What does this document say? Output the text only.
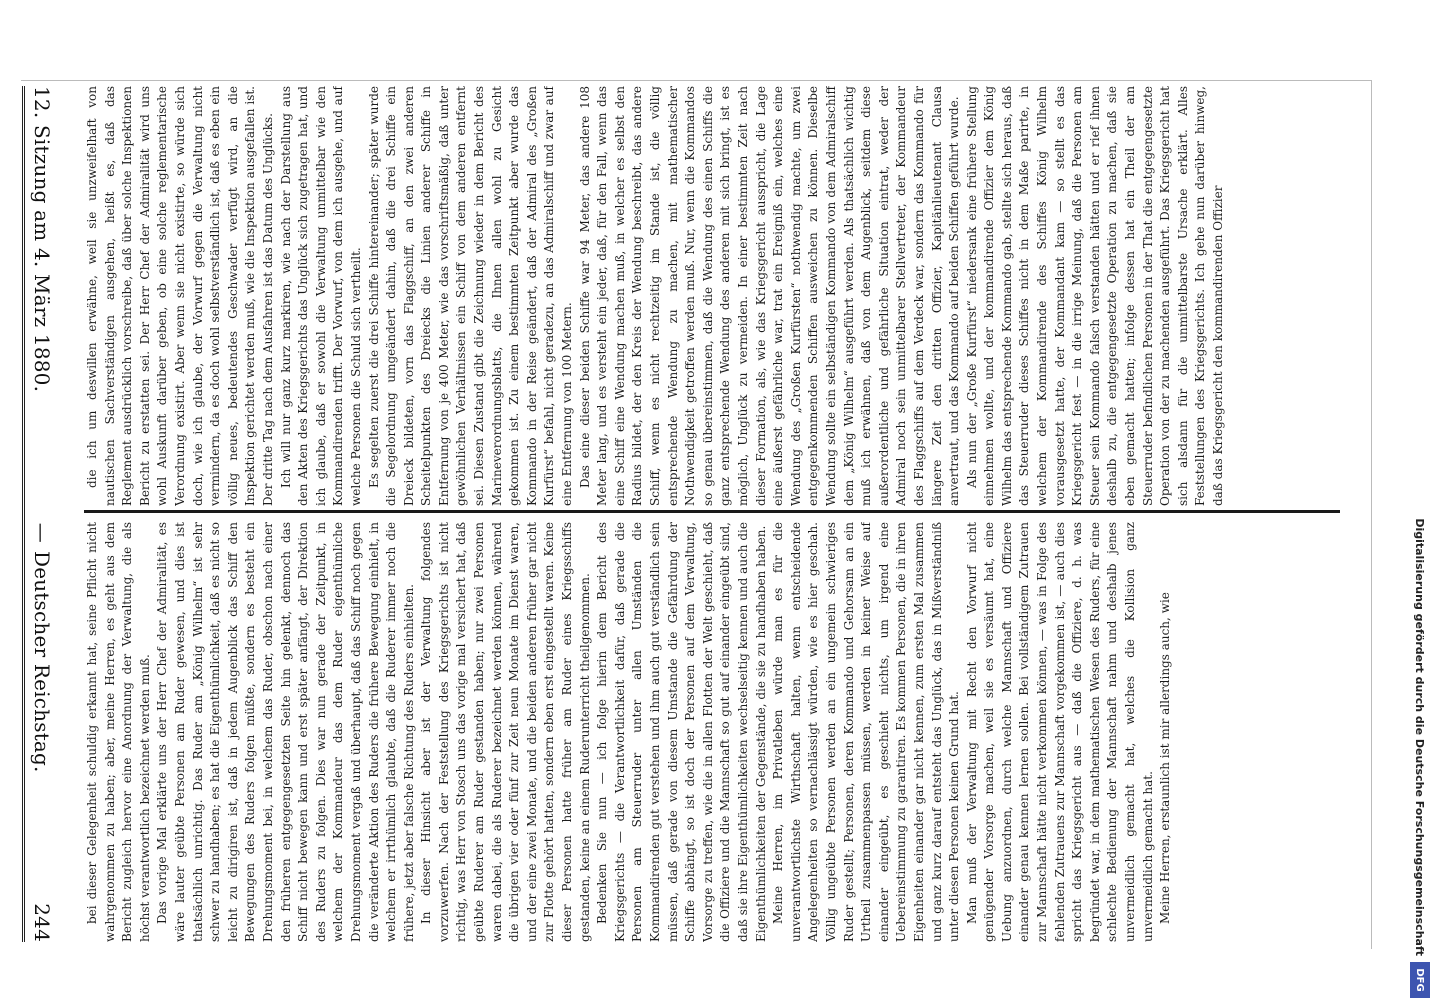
Digitalisierung gefördert durch die Deutsche Forschungsgemeinschaft
DFG

die ich um deswillen erwähne, weil sie unzweifelhaft von nautischen Sachverständigen ausgehen, heißt es, daß das Reglement ausdrücklich vorschreibe, daß über solche Inspektionen Bericht zu erstatten sei. Der Herr Chef der Admiralität wird uns wohl Auskunft darüber geben, ob eine solche reglementarische Verordnung existirt. Aber wenn sie nicht existirte, so würde sich doch, wie ich glaube, der Vorwurf gegen die Verwaltung nicht vermindern, da es doch wohl selbstverständlich ist, daß es eben ein völlig neues, bedeutendes Geschwader verfügt wird, an die Inspektion gerichtet werden muß, wie die Inspektion ausgefallen ist. Der dritte Tag nach dem Ausfahren ist das Datum des Unglücks. Ich will nur ganz kurz markiren, wie nach der Darstellung aus den Akten des Kriegsgerichts das Unglück sich zugetragen hat, und ich glaube, daß er sowohl die Verwaltung unmittelbar wie den Kommandirenden trifft. Der Vorwurf, von dem ich ausgehe, und auf welche Personen die Schuld sich vertheilt. Es segelten zuerst die drei Schiffe hintereinander; später wurde die Segelordnung umgeändert dahin, daß die drei Schiffe ein Dreieck bildeten, vorn das Flaggschiff, an den zwei anderen Scheitelpunkten des Dreiecks die Linien anderer Schiffe in Entfernung von je 400 Meter, wie das vorschriftsmäßig, daß unter gewöhnlichen Verhältnissen ein Schiff von dem anderen entfernt sei. Diesen Zustand gibt die Zeichnung wieder in dem Bericht des Marineverordnungsblatts, die Ihnen allen wohl zu Gesicht gekommen ist. Zu einem bestimmten Zeitpunkt aber wurde das Kommando in der Reise geändert, daß der Admiral des „Großen Kurfürst“ befahl, nicht geradezu, an das Admiralschiff und zwar auf eine Entfernung von 100 Metern. Das eine dieser beiden Schiffe war 94 Meter, das andere 108 Meter lang, und es versteht ein jeder, daß, für den Fall, wenn das eine Schiff eine Wendung machen muß, in welcher es selbst den Radius bildet, der den Kreis der Wendung beschreibt, das andere Schiff, wenn es nicht rechtzeitig im Stande ist, die völlig entsprechende Wendung zu machen, mit mathematischer Nothwendigkeit getroffen werden muß. Nur, wenn die Kommandos so genau übereinstimmen, daß die Wendung des einen Schiffs die ganz entsprechende Wendung des anderen mit sich bringt, ist es möglich, Unglück zu vermeiden. In einer bestimmten Zeit nach dieser Formation, als, wie das Kriegsgericht ausspricht, die Lage eine äußerst gefährliche war, trat ein Ereigniß ein, welches eine Wendung des „Großen Kurfürsten“ nothwendig machte, um zwei entgegenkommenden Schiffen ausweichen zu können. Dieselbe Wendung sollte ein selbständigen Kommando von dem Admiralschiff dem „König Wilhelm“ ausgeführt werden. Als thatsächlich wichtig muß ich erwähnen, daß von dem Augenblick, seitdem diese außerordentliche und gefährliche Situation eintrat, weder der Admiral noch sein unmittelbarer Stellvertreter, der Kommandeur des Flaggschiffs auf dem Verdeck war, sondern das Kommando für längere Zeit den dritten Offizier, Kapitänlieutenant Clausa anvertraut, und das Kommando auf beiden Schiffen geführt wurde. Als nun der „Große Kurfürst“ niedersank eine frühere Stellung einnehmen wollte, und der kommandirende Offizier dem König Wilhelm das entsprechende Kommando gab, stellte sich heraus, daß das Steuerruder dieses Schiffes nicht in dem Maße parirte, in welchem der Kommandirende des Schiffes König Wilhelm vorausgesetzt hatte, der Kommandant kam — so stellt es das Kriegsgericht fest — in die irrige Meinung, daß die Personen am Steuer sein Kommando falsch verstanden hätten und er rief ihnen deshalb zu, die entgegengesetzte Operation zu machen, daß sie eben gemacht hatten; infolge dessen hat ein Theil der am Steuerruder befindlichen Personen in der That die entgegengesetzte Operation von der zu machenden ausgeführt. Das Kriegsgericht hat sich alsdann für die unmittelbarste Ursache erklärt. Alles Feststellungen des Kriegsgerichts. Ich gehe nun darüber hinweg, daß das Kriegsgericht den kommandirenden Offizier

bei dieser Gelegenheit schuldig erkannt hat, seine Pflicht nicht wahrgenommen zu haben; aber, meine Herren, es geht aus dem Bericht zugleich hervor eine Anordnung der Verwaltung, die als höchst verantwortlich bezeichnet werden muß. Das vorige Mal erklärte uns der Herr Chef der Admiralität, es wäre lauter geübte Personen am Ruder gewesen, und dies ist thatsächlich unrichtig. Das Ruder am „König Wilhelm“ ist sehr schwer zu handhaben; es hat die Eigenthümlichkeit, daß es nicht so leicht zu dirigiren ist, daß in jedem Augenblick das Schiff den Bewegungen des Ruders folgen müßte, sondern es besteht ein Drehungsmoment bei, in welchem das Ruder, obschon nach einer den früheren entgegengesetzten Seite hin gelenkt, dennoch das Schiff nicht bewegen kann und erst später anfängt, der Direktion des Ruders zu folgen. Dies war nun gerade der Zeitpunkt, in welchem der Kommandeur das dem Ruder eigenthümliche Drehungsmoment vergaß und überhaupt, daß das Schiff noch gegen die veränderte Aktion des Ruders die frühere Bewegung einhielt, in welchem er irrthümlich glaubte, daß die Ruderer immer noch die frühere, jetzt aber falsche Richtung des Ruders einhielten. In dieser Hinsicht aber ist der Verwaltung folgendes vorzuwerfen. Nach der Feststellung des Kriegsgerichts ist nicht richtig, was Herr von Stosch uns das vorige mal versichert hat, daß geübte Ruderer am Ruder gestanden haben; nur zwei Personen waren dabei, die als Ruderer bezeichnet werden können, während die übrigen vier oder fünf zur Zeit neun Monate im Dienst waren, und der eine zwei Monate, und die beiden anderen früher gar nicht zur Flotte gehört hatten, sondern eben erst eingestellt waren. Keine dieser Personen hatte früher am Ruder eines Kriegsschiffs gestanden, keine an einem Ruderunterricht theilgenommen. Bedenken Sie nun — ich folge hierin dem Bericht des Kriegsgerichts — die Verantwortlichkeit dafür, daß gerade die Personen am Steuerruder unter allen Umständen die Kommandirenden gut verstehen und ihm auch gut verständlich sein müssen, daß gerade von diesem Umstande die Gefährdung der Schiffe abhängt, so ist doch der Personen auf dem Verwaltung, Vorsorge zu treffen, wie die in allen Flotten der Welt geschieht, daß die Offiziere und die Mannschaft so gut auf einander eingeübt sind, daß sie ihre Eigenthümlichkeiten wechselseitig kennen und auch die Eigenthümlichkeiten der Gegenstände, die sie zu handhaben haben. Meine Herren, im Privatleben würde man es für die unverantwortlichste Wirthschaft halten, wenn entscheidende Angelegenheiten so vernachlässigt würden, wie es hier geschah. Völlig ungeübte Personen werden an ein ungemein schwieriges Ruder gestellt; Personen, deren Kommando und Gehorsam an ein Urtheil zusammenpassen müssen, werden in keiner Weise auf einander eingeübt, es geschieht nichts, um irgend eine Uebereinstimmung zu garantiren. Es kommen Personen, die in ihren Eigenheiten einander gar nicht kennen, zum ersten Mal zusammen und ganz kurz darauf entsteht das Unglück, das in Mißverständniß unter diesen Personen keinen Grund hat. Man muß der Verwaltung mit Recht den Vorwurf nicht genügender Vorsorge machen, weil sie es versäumt hat, eine Uebung anzuordnen, durch welche Mannschaft und Offiziere einander genau kennen lernen sollen. Bei vollständigem Zutrauen zur Mannschaft hätte nicht verkommen können, — was in Folge des fehlenden Zutrauens zur Mannschaft vorgekommen ist, — auch dies spricht das Kriegsgericht aus — daß die Offiziere, d. h. was begründet war, in dem mathematischen Wesen des Ruders, für eine schlechte Bedienung der Mannschaft nahm und deshalb jenes unvermeidlich gemacht hat, welches die Kollision ganz unvermeidlich gemacht hat. Meine Herren, erstaunlich ist mir allerdings auch, wie

12. Sitzung am 4. März 1880.
—
Deutscher Reichstag.
244
